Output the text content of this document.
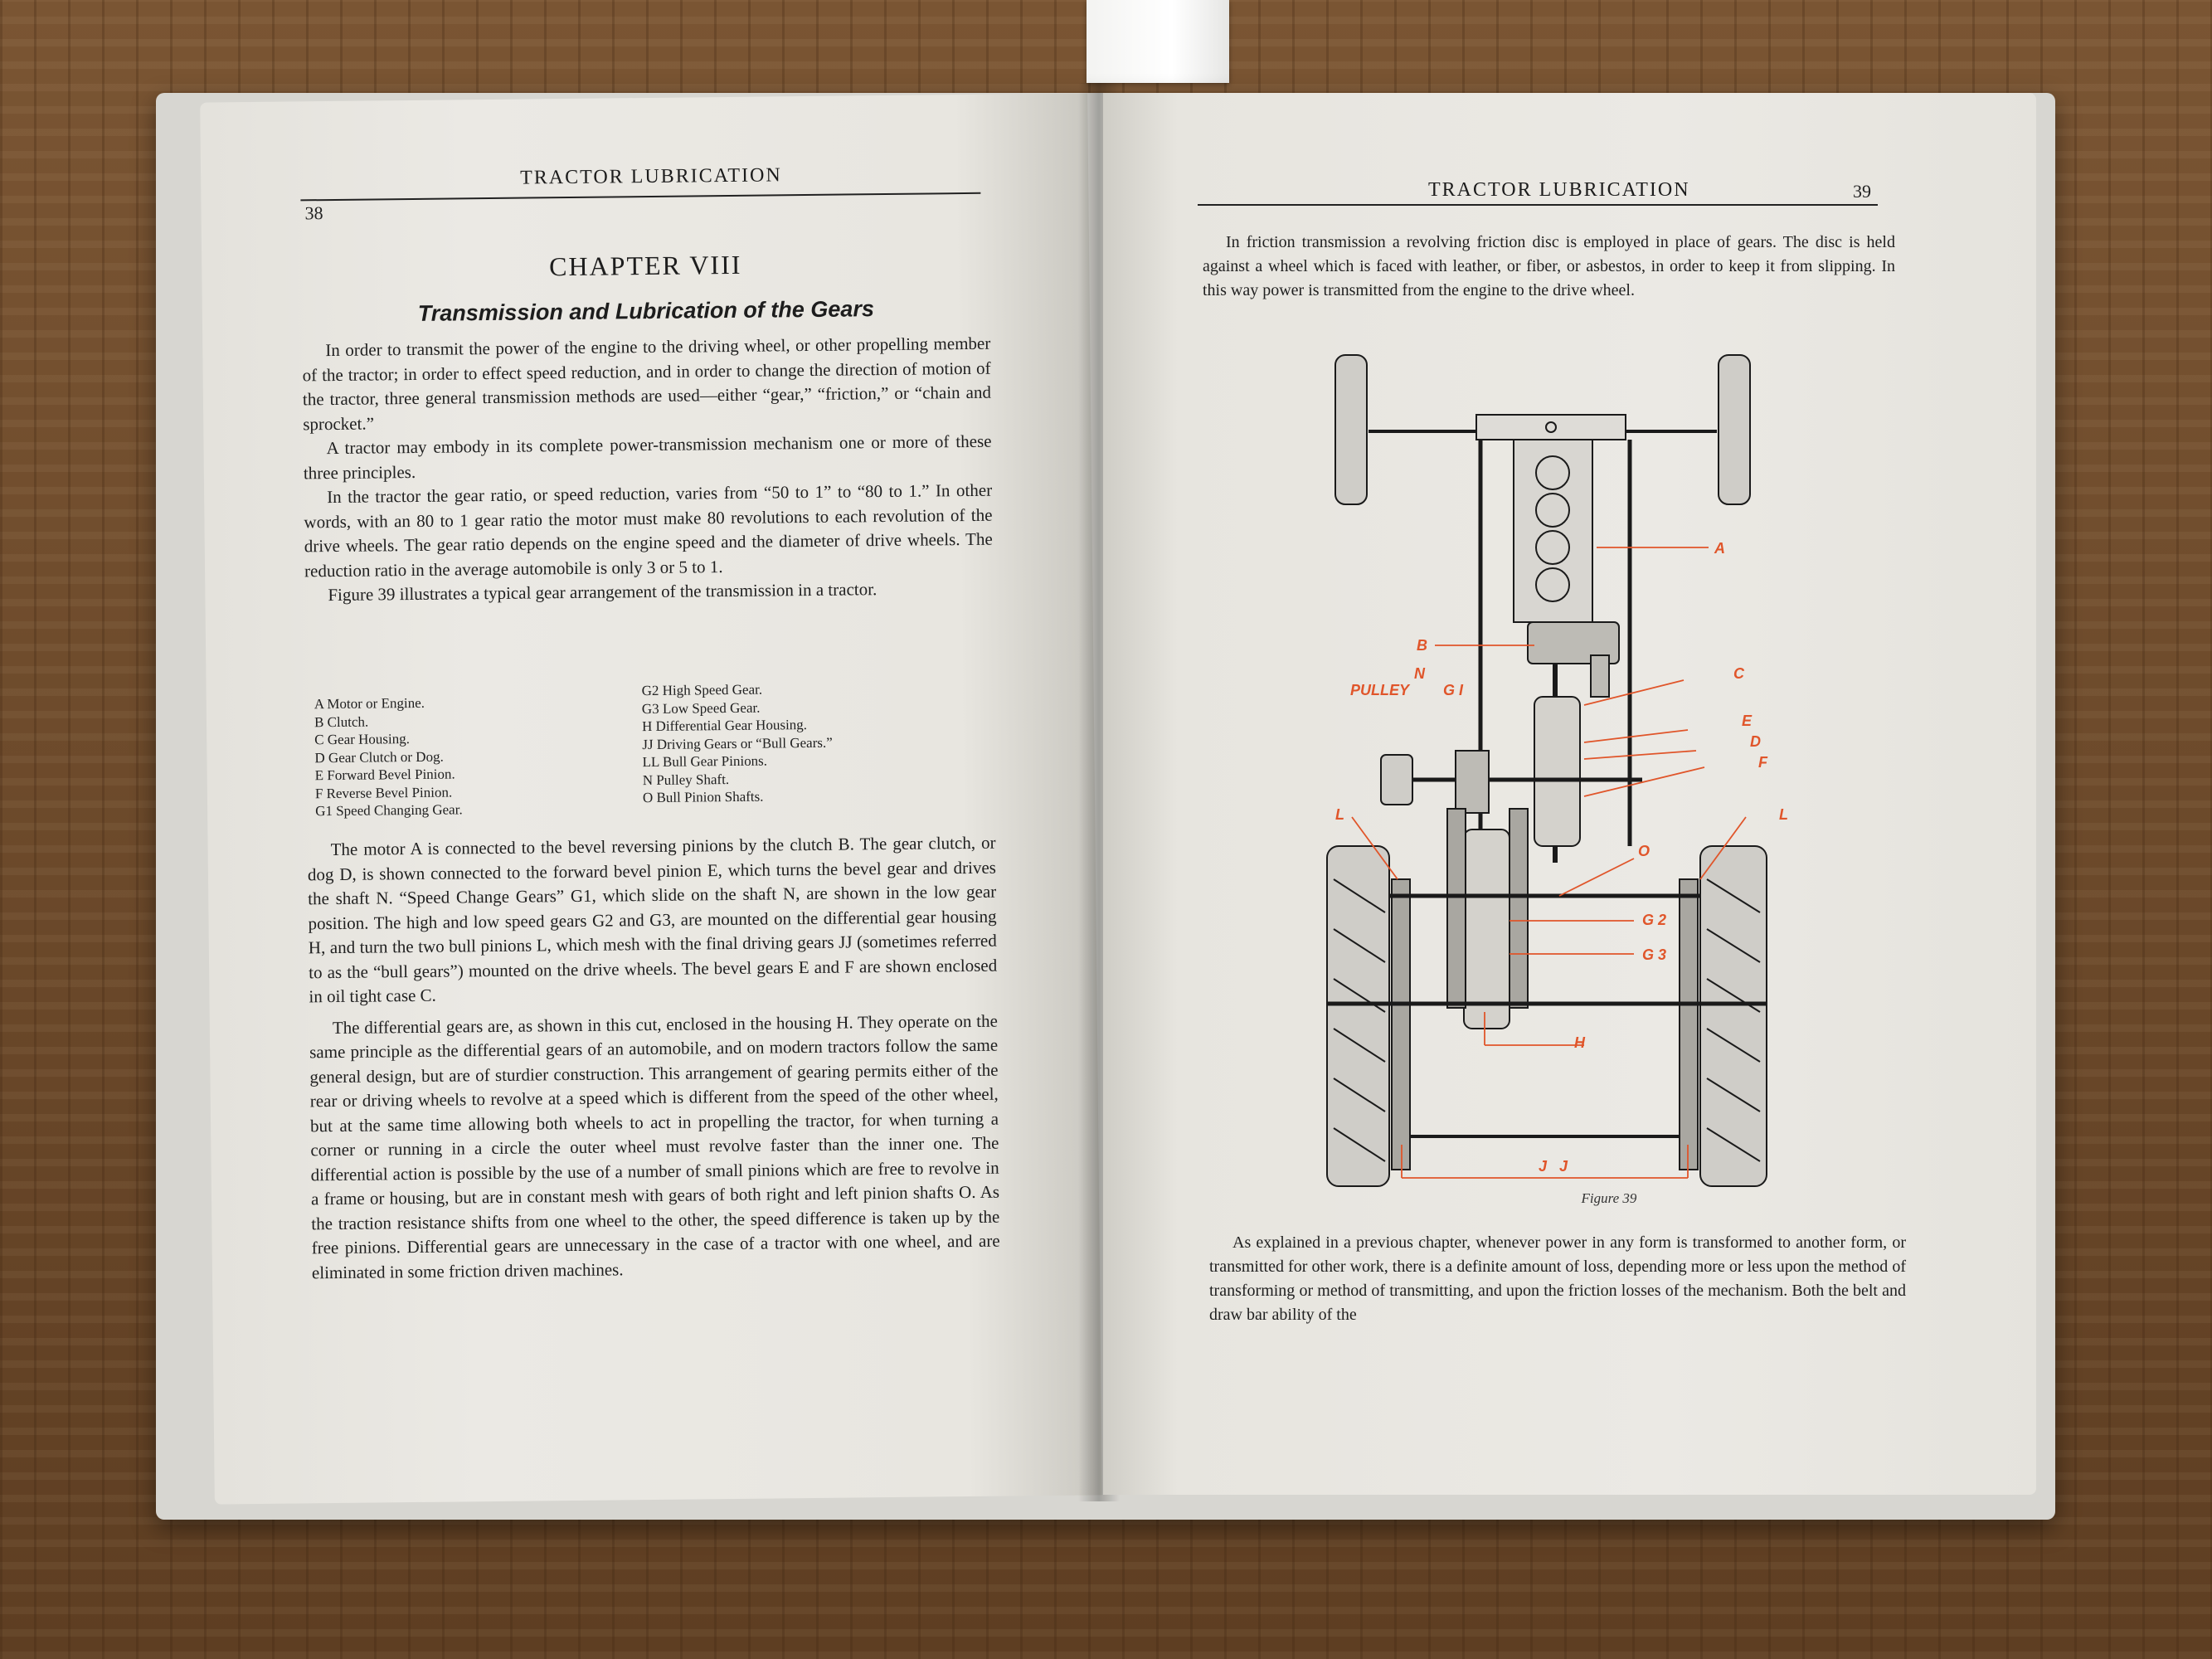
38
TRACTOR LUBRICATION
CHAPTER VIII
Transmission and Lubrication of the Gears

In order to transmit the power of the engine to the driving wheel, or other propelling member of the tractor; in order to effect speed reduction, and in order to change the direction of motion of the tractor, three general transmission methods are used—either “gear,” “friction,” or “chain and sprocket.”

A tractor may embody in its complete power-transmission mechanism one or more of these three principles.

In the tractor the gear ratio, or speed reduction, varies from “50 to 1” to “80 to 1.” In other words, with an 80 to 1 gear ratio the motor must make 80 revolutions to each revolution of the drive wheels. The gear ratio depends on the engine speed and the diameter of drive wheels. The reduction ratio in the average automobile is only 3 or 5 to 1.

Figure 39 illustrates a typical gear arrangement of the transmission in a tractor.

A Motor or Engine.
B Clutch.
C Gear Housing.
D Gear Clutch or Dog.
E Forward Bevel Pinion.
F Reverse Bevel Pinion.
G1 Speed Changing Gear.
G2 High Speed Gear.
G3 Low Speed Gear.
H Differential Gear Housing.
JJ Driving Gears or “Bull Gears.”
LL Bull Gear Pinions.
N Pulley Shaft.
O Bull Pinion Shafts.

The motor A is connected to the bevel reversing pinions by the clutch B. The gear clutch, or dog D, is shown connected to the forward bevel pinion E, which turns the bevel gear and drives the shaft N. “Speed Change Gears” G1, which slide on the shaft N, are shown in the low gear position. The high and low speed gears G2 and G3, are mounted on the differential gear housing H, and turn the two bull pinions L, which mesh with the final driving gears JJ (sometimes referred to as the “bull gears”) mounted on the drive wheels. The bevel gears E and F are shown enclosed in oil tight case C.

The differential gears are, as shown in this cut, enclosed in the housing H. They operate on the same principle as the differential gears of an automobile, and on modern tractors follow the same general design, but are of sturdier construction. This arrangement of gearing permits either of the rear or driving wheels to revolve at a speed which is different from the speed of the other wheel, but at the same time allowing both wheels to act in propelling the tractor, for when turning a corner or running in a circle the outer wheel must revolve faster than the inner one. The differential action is possible by the use of a number of small pinions which are free to revolve in a frame or housing, but are in constant mesh with gears of both right and left pinion shafts O. As the traction resistance shifts from one wheel to the other, the speed difference is taken up by the free pinions. Differential gears are unnecessary in the case of a tractor with one wheel, and are eliminated in some friction driven machines.

TRACTOR LUBRICATION	39

In friction transmission a revolving friction disc is employed in place of gears. The disc is held against a wheel which is faced with leather, or fiber, or asbestos, in order to keep it from slipping. In this way power is transmitted from the engine to the drive wheel.

As explained in a previous chapter, whenever power in any form is transformed to another form, or transmitted for other work, there is a definite amount of loss, depending more or less upon the method of transforming or method of transmitting, and upon the friction losses of the mechanism. Both the belt and draw bar ability of the

A
B
C
E
D
F
N
G I
PULLEY
O
G 2
G 3
H
L	L
J   J
Figure 39
